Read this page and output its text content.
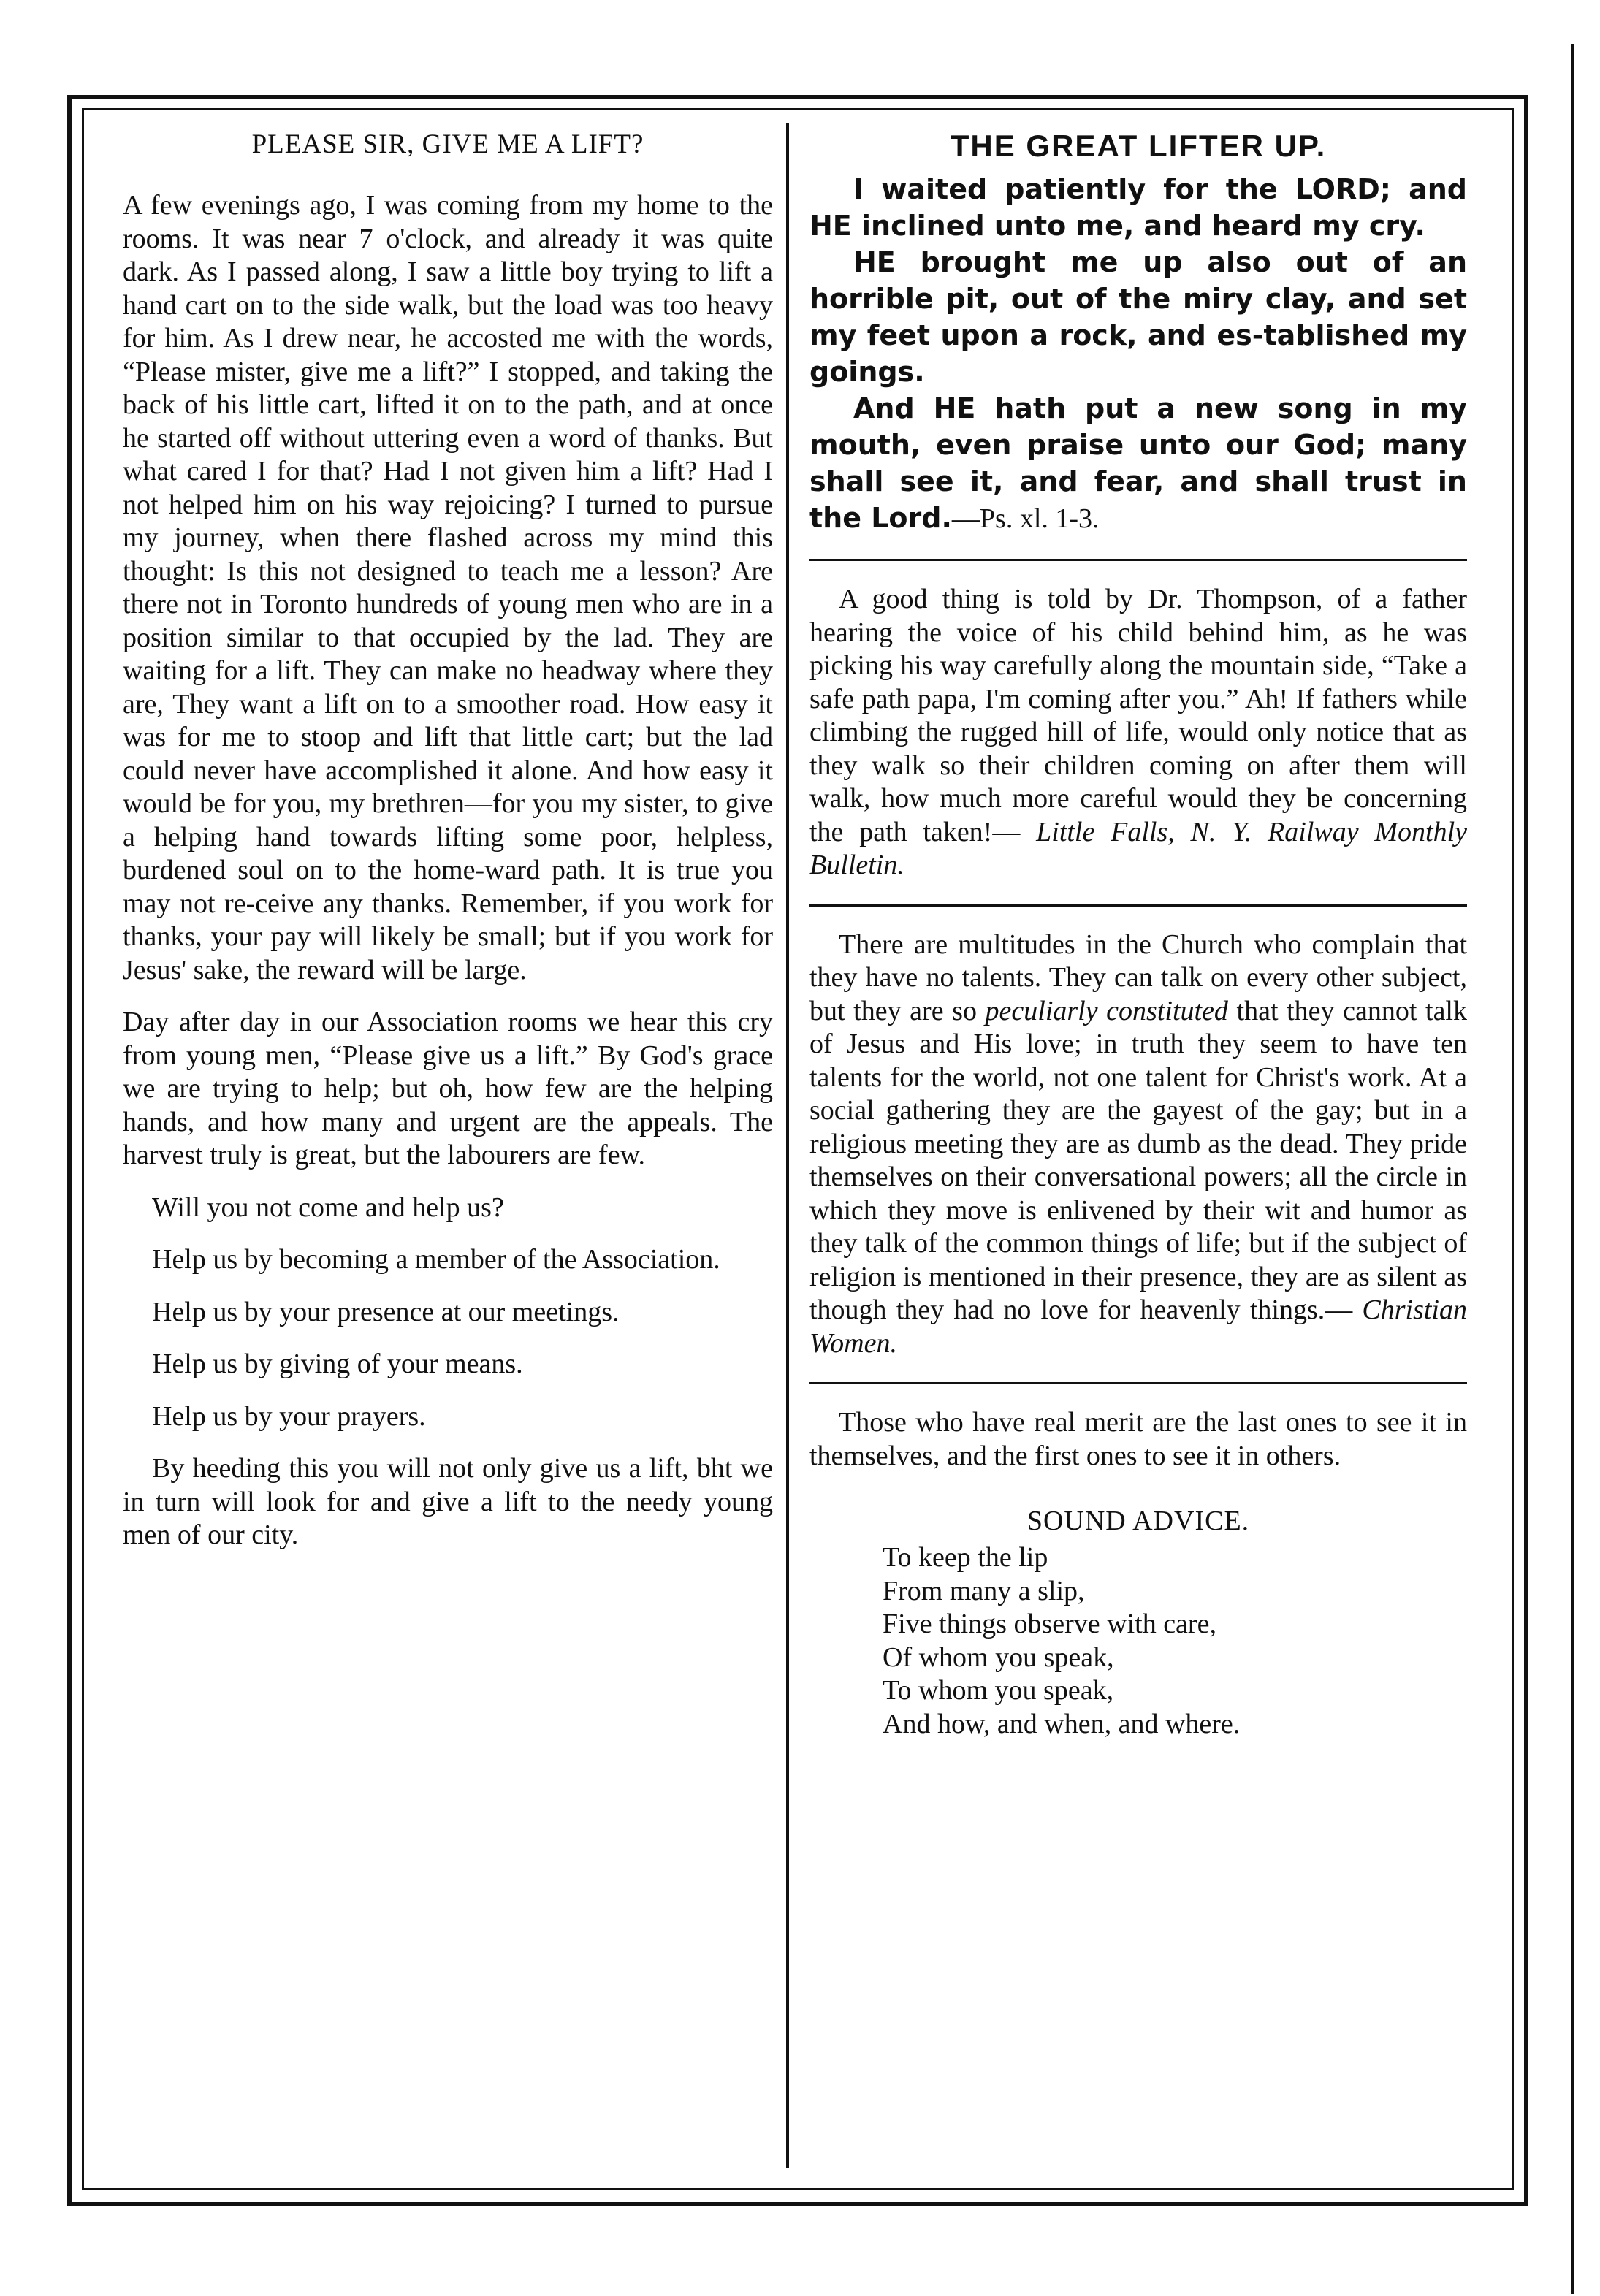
PLEASE SIR, GIVE ME A LIFT?

A few evenings ago, I was coming from my home to the rooms. It was near 7 o'clock, and already it was quite dark. As I passed along, I saw a little boy trying to lift a hand cart on to the side walk, but the load was too heavy for him. As I drew near, he accosted me with the words, “Please mister, give me a lift?” I stopped, and taking the back of his little cart, lifted it on to the path, and at once he started off without uttering even a word of thanks. But what cared I for that? Had I not given him a lift? Had I not helped him on his way rejoicing? I turned to pursue my journey, when there flashed across my mind this thought: Is this not designed to teach me a lesson? Are there not in Toronto hundreds of young men who are in a position similar to that occupied by the lad. They are waiting for a lift. They can make no headway where they are, They want a lift on to a smoother road. How easy it was for me to stoop and lift that little cart; but the lad could never have accomplished it alone. And how easy it would be for you, my brethren—for you my sister, to give a helping hand towards lifting some poor, helpless, burdened soul on to the home-ward path. It is true you may not re-ceive any thanks. Remember, if you work for thanks, your pay will likely be small; but if you work for Jesus' sake, the reward will be large.

Day after day in our Association rooms we hear this cry from young men, “Please give us a lift.” By God's grace we are trying to help; but oh, how few are the helping hands, and how many and urgent are the appeals. The harvest truly is great, but the labourers are few.

Will you not come and help us?

Help us by becoming a member of the Association.

Help us by your presence at our meetings.

Help us by giving of your means.

Help us by your prayers.

By heeding this you will not only give us a lift, bht we in turn will look for and give a lift to the needy young men of our city.

THE GREAT LIFTER UP.

I waited patiently for the LORD; and HE inclined unto me, and heard my cry.

HE brought me up also out of an horrible pit, out of the miry clay, and set my feet upon a rock, and es-tablished my goings.

And HE hath put a new song in my mouth, even praise unto our God; many shall see it, and fear, and shall trust in the Lord.—Ps. xl. 1-3.

A good thing is told by Dr. Thompson, of a father hearing the voice of his child behind him, as he was picking his way carefully along the mountain side, “Take a safe path papa, I'm coming after you.” Ah! If fathers while climbing the rugged hill of life, would only notice that as they walk so their children coming on after them will walk, how much more careful would they be concerning the path taken!— Little Falls, N. Y. Railway Monthly Bulletin.

There are multitudes in the Church who complain that they have no talents. They can talk on every other subject, but they are so peculiarly constituted that they cannot talk of Jesus and His love; in truth they seem to have ten talents for the world, not one talent for Christ's work. At a social gathering they are the gayest of the gay; but in a religious meeting they are as dumb as the dead. They pride themselves on their conversational powers; all the circle in which they move is enlivened by their wit and humor as they talk of the common things of life; but if the subject of religion is mentioned in their presence, they are as silent as though they had no love for heavenly things.— Christian Women.

Those who have real merit are the last ones to see it in themselves, and the first ones to see it in others.

SOUND ADVICE.
To keep the lip
From many a slip,
Five things observe with care,
Of whom you speak,
To whom you speak,
And how, and when, and where.
